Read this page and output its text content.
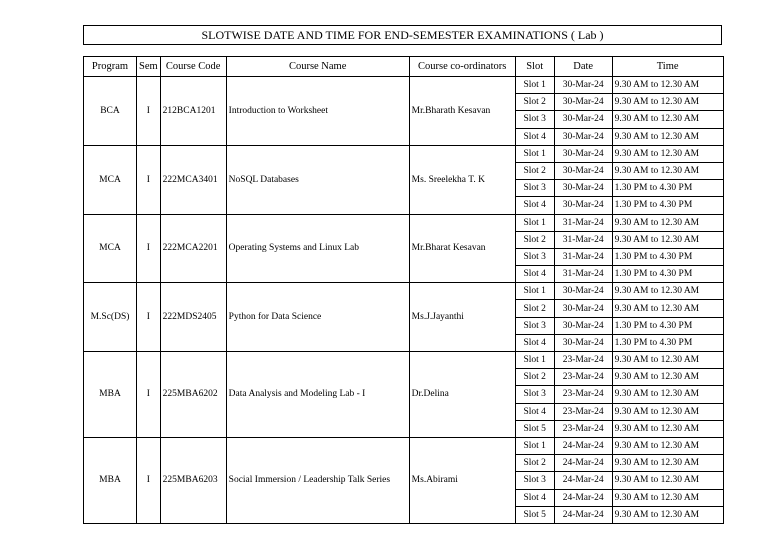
SLOTWISE DATE AND TIME FOR END-SEMESTER EXAMINATIONS ( Lab )
Program	Sem	Course Code	Course Name	Course co-ordinators	Slot	Date	Time
BCA	I	212BCA1201	Introduction to Worksheet	Mr.Bharath Kesavan	Slot 1	30-Mar-24	9.30 AM to 12.30 AM
					Slot 2	30-Mar-24	9.30 AM to 12.30 AM
					Slot 3	30-Mar-24	9.30 AM to 12.30 AM
					Slot 4	30-Mar-24	9.30 AM to 12.30 AM
MCA	I	222MCA3401	NoSQL Databases	Ms. Sreelekha T. K	Slot 1	30-Mar-24	9.30 AM to 12.30 AM
					Slot 2	30-Mar-24	9.30 AM to 12.30 AM
					Slot 3	30-Mar-24	1.30 PM to 4.30 PM
					Slot 4	30-Mar-24	1.30 PM to 4.30 PM
MCA	I	222MCA2201	Operating Systems and Linux Lab	Mr.Bharat Kesavan	Slot 1	31-Mar-24	9.30 AM to 12.30 AM
					Slot 2	31-Mar-24	9.30 AM to 12.30 AM
					Slot 3	31-Mar-24	1.30 PM to 4.30 PM
					Slot 4	31-Mar-24	1.30 PM to 4.30 PM
M.Sc(DS)	I	222MDS2405	Python for Data Science	Ms.J.Jayanthi	Slot 1	30-Mar-24	9.30 AM to 12.30 AM
					Slot 2	30-Mar-24	9.30 AM to 12.30 AM
					Slot 3	30-Mar-24	1.30 PM to 4.30 PM
					Slot 4	30-Mar-24	1.30 PM to 4.30 PM
MBA	I	225MBA6202	Data Analysis and Modeling Lab - I	Dr.Delina	Slot 1	23-Mar-24	9.30 AM to 12.30 AM
					Slot 2	23-Mar-24	9.30 AM to 12.30 AM
					Slot 3	23-Mar-24	9.30 AM to 12.30 AM
					Slot 4	23-Mar-24	9.30 AM to 12.30 AM
					Slot 5	23-Mar-24	9.30 AM to 12.30 AM
MBA	I	225MBA6203	Social Immersion / Leadership Talk Series	Ms.Abirami	Slot 1	24-Mar-24	9.30 AM to 12.30 AM
					Slot 2	24-Mar-24	9.30 AM to 12.30 AM
					Slot 3	24-Mar-24	9.30 AM to 12.30 AM
					Slot 4	24-Mar-24	9.30 AM to 12.30 AM
					Slot 5	24-Mar-24	9.30 AM to 12.30 AM
